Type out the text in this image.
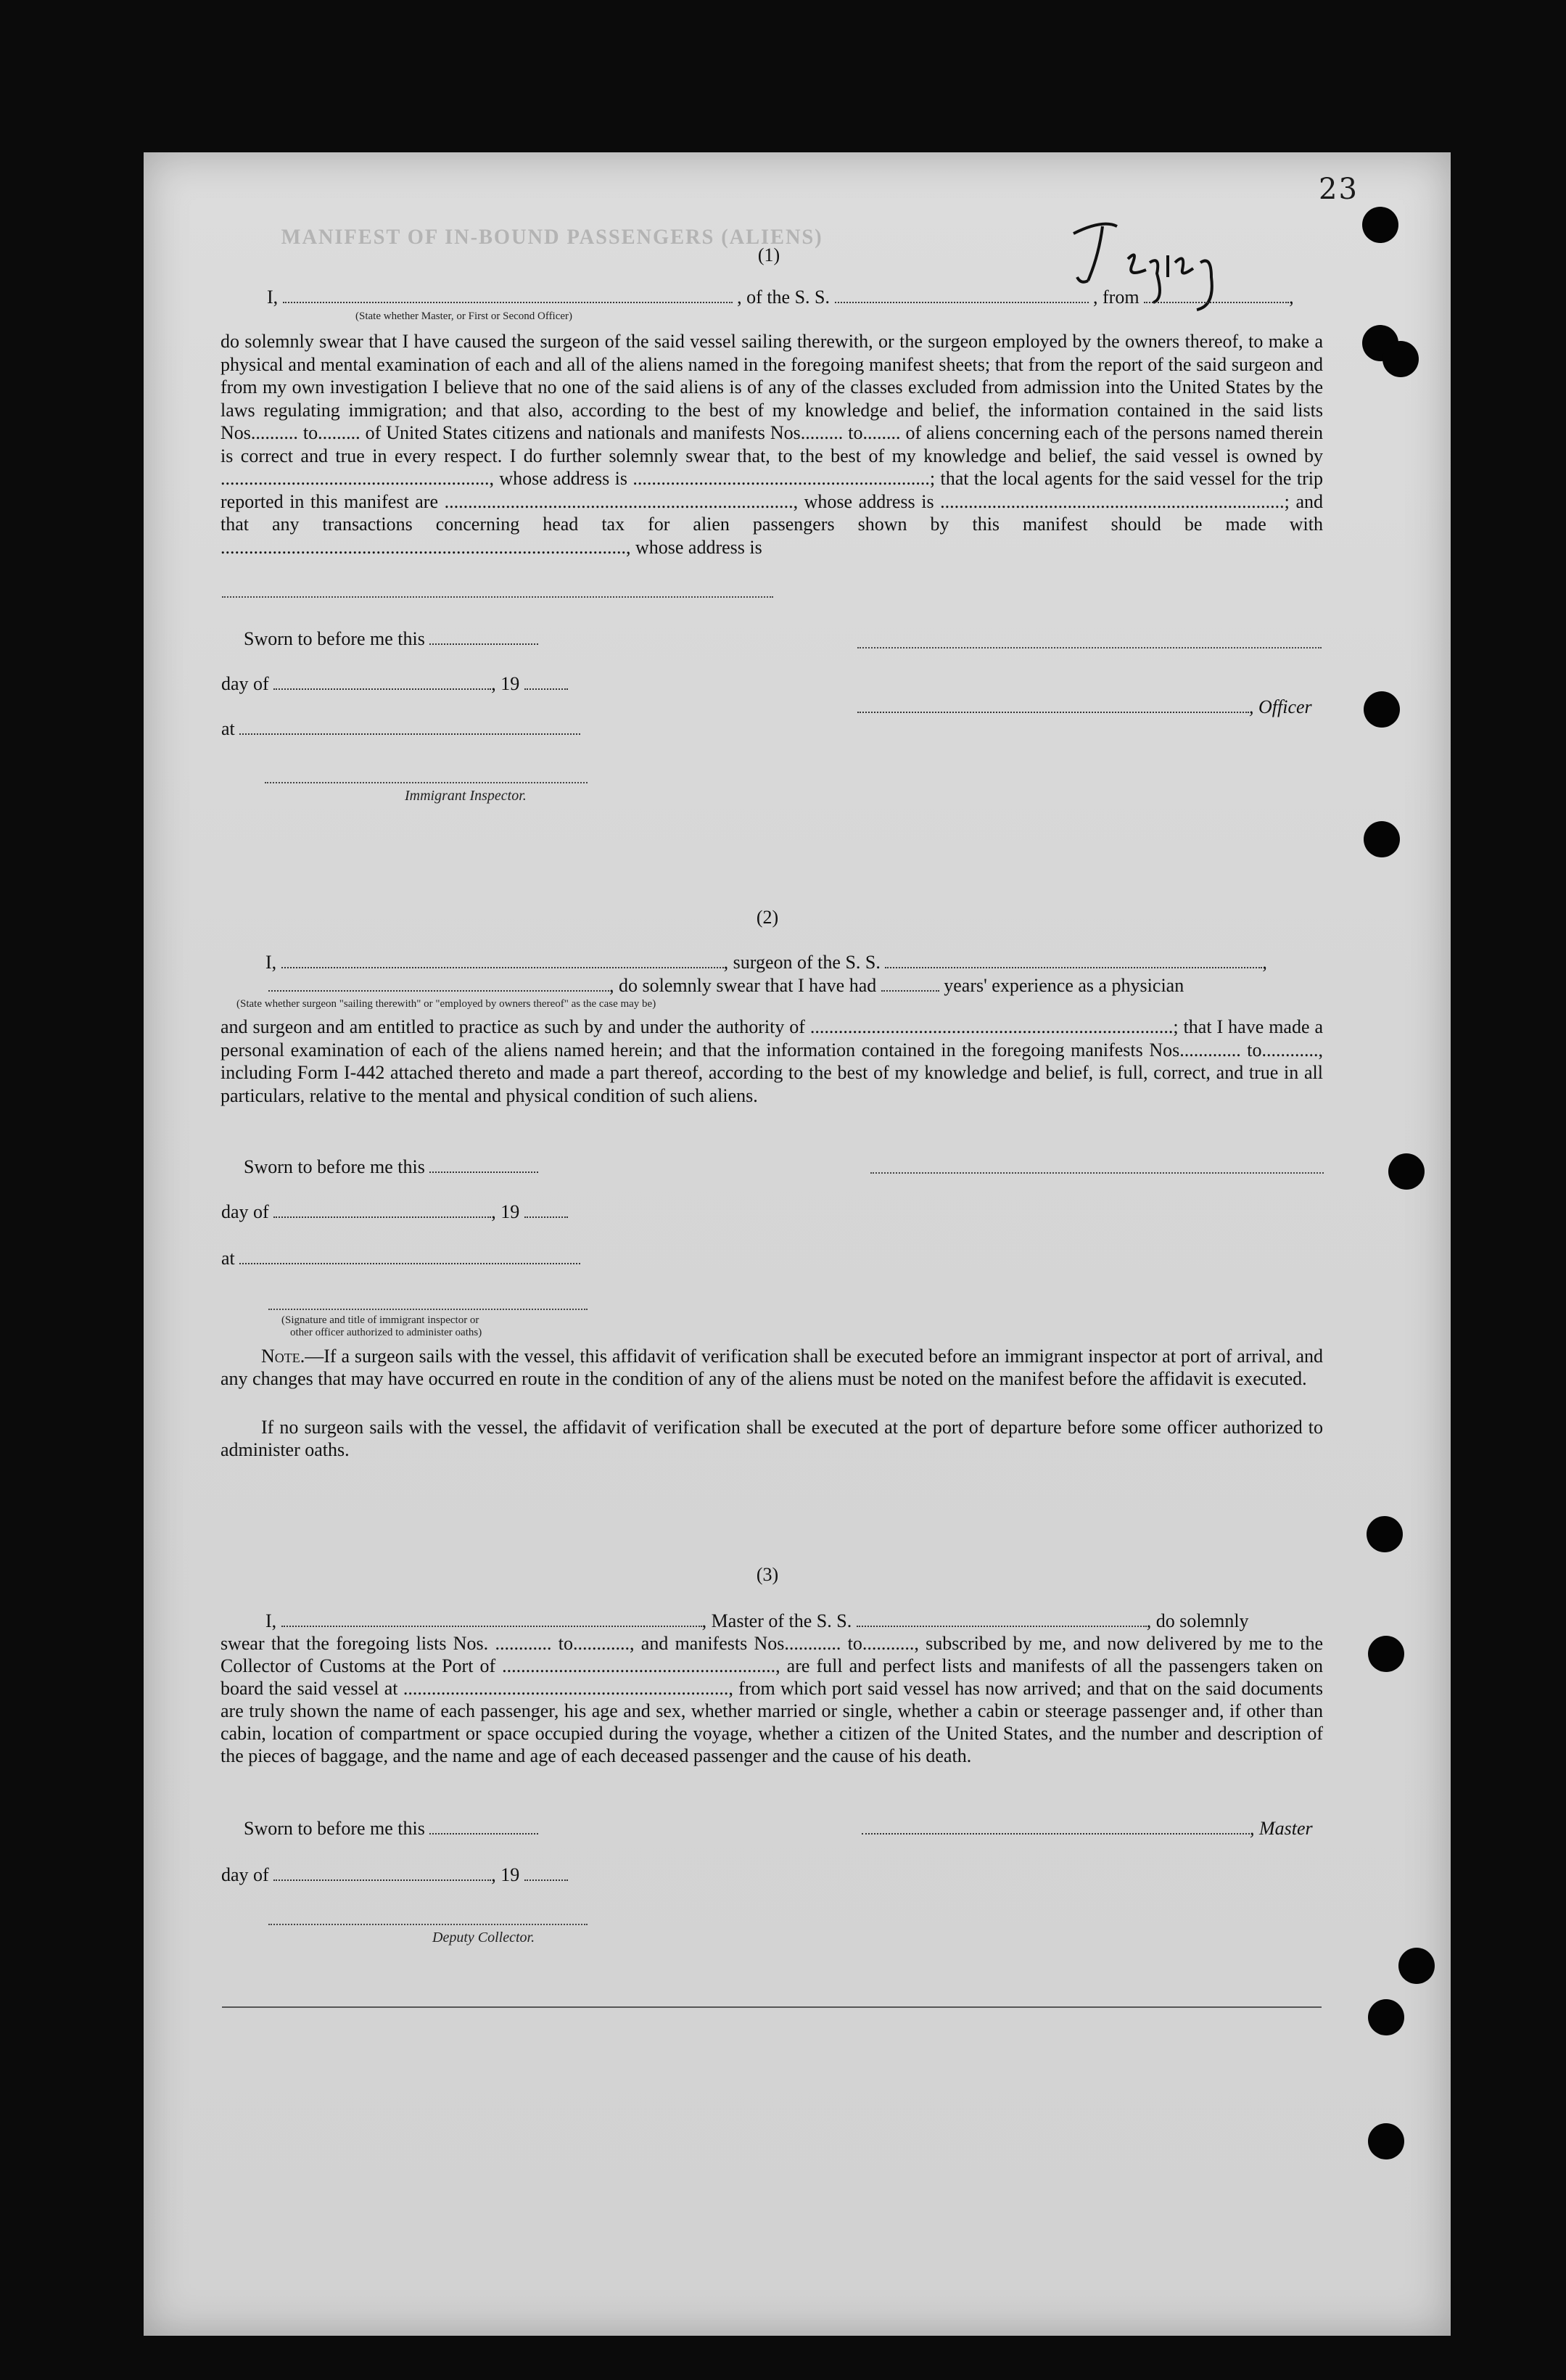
23
MANIFEST OF IN-BOUND PASSENGERS (ALIENS)
(1)
I,	, of the S. S.	, from	,
(State whether Master, or First or Second Officer)
do solemnly swear that I have caused the surgeon of the said vessel sailing therewith, or the surgeon employed by the owners thereof, to make a physical and mental examination of each and all of the aliens named in the foregoing manifest sheets; that from the report of the said surgeon and from my own investigation I believe that no one of the said aliens is of any of the classes excluded from admission into the United States by the laws regulating immigration; and that also, according to the best of my knowledge and belief, the information contained in the said lists Nos.......... to......... of United States citizens and nationals and manifests Nos......... to........ of aliens concerning each of the persons named therein is correct and true in every respect. I do further solemnly swear that, to the best of my knowledge and belief, the said vessel is owned by ........................................................., whose address is ...............................................................; that the local agents for the said vessel for the trip reported in this manifest are .........................................................................., whose address is .........................................................................; and that any transactions concerning head tax for alien passengers shown by this manifest should be made with ......................................................................................, whose address is
Sworn to before me this
day of	, 19
, Officer
at
Immigrant Inspector.
(2)
I,	, surgeon of the S. S.	,
, do solemnly swear that I have had	years' experience as a physician
(State whether surgeon "sailing therewith" or "employed by owners thereof" as the case may be)
and surgeon and am entitled to practice as such by and under the authority of .............................................................................; that I have made a personal examination of each of the aliens named herein; and that the information contained in the foregoing manifests Nos............. to............, including Form I-442 attached thereto and made a part thereof, according to the best of my knowledge and belief, is full, correct, and true in all particulars, relative to the mental and physical condition of such aliens.
Sworn to before me this
day of	, 19
at
(Signature and title of immigrant inspector or
other officer authorized to administer oaths)
Note.—If a surgeon sails with the vessel, this affidavit of verification shall be executed before an immigrant inspector at port of arrival, and any changes that may have occurred en route in the condition of any of the aliens must be noted on the manifest before the affidavit is executed.
If no surgeon sails with the vessel, the affidavit of verification shall be executed at the port of departure before some officer authorized to administer oaths.
(3)
I,	, Master of the S. S.	, do solemnly
swear that the foregoing lists Nos. ............ to............, and manifests Nos............ to..........., subscribed by me, and now delivered by me to the Collector of Customs at the Port of .........................................................., are full and perfect lists and manifests of all the passengers taken on board the said vessel at ....................................................................., from which port said vessel has now arrived; and that on the said documents are truly shown the name of each passenger, his age and sex, whether married or single, whether a cabin or steerage passenger and, if other than cabin, location of compartment or space occupied during the voyage, whether a citizen of the United States, and the number and description of the pieces of baggage, and the name and age of each deceased passenger and the cause of his death.
Sworn to before me this	, Master
day of	, 19
Deputy Collector.
